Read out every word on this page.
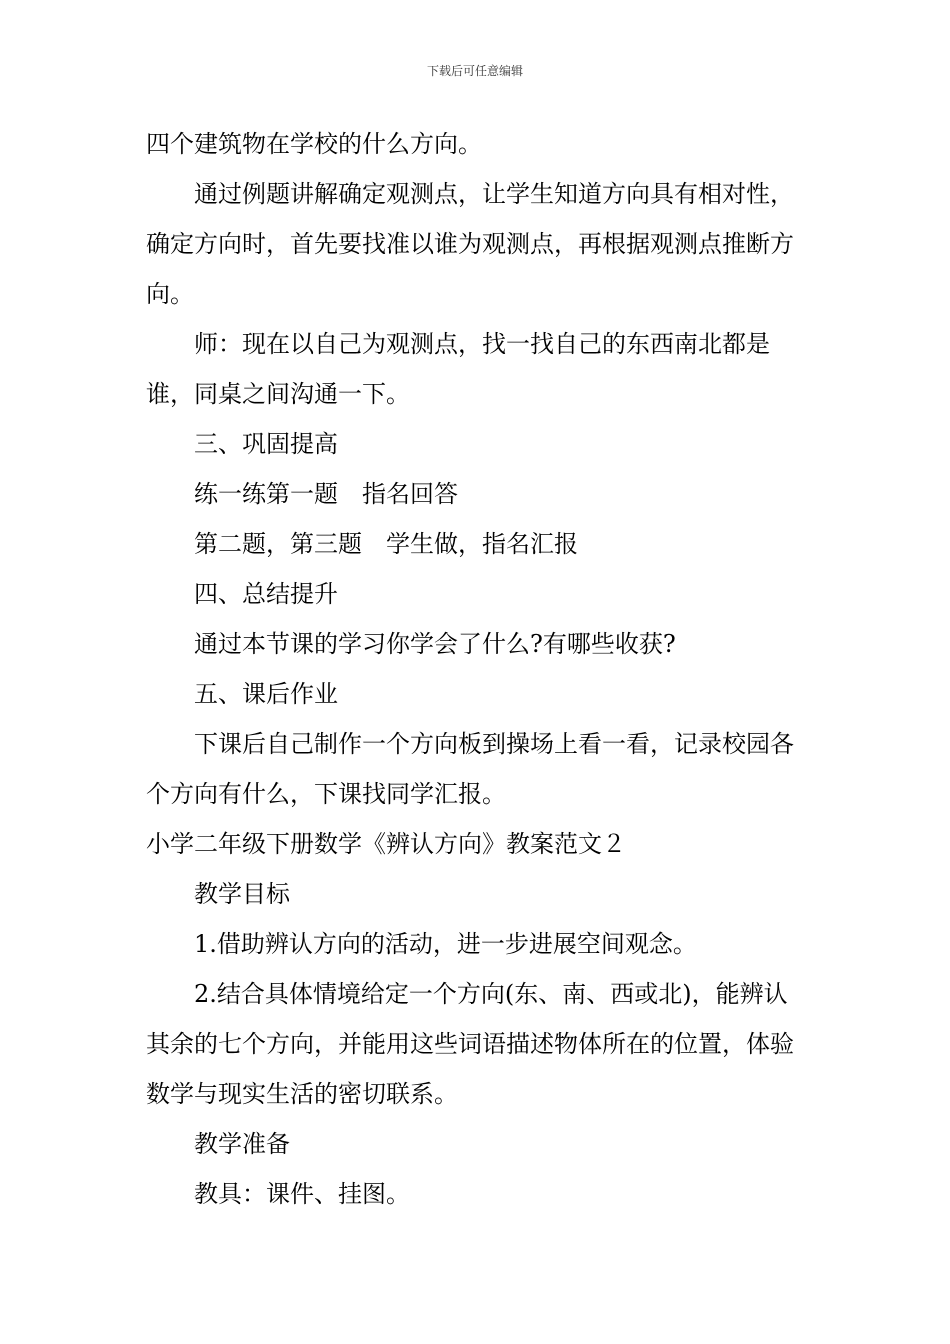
下载后可任意编辑

四个建筑物在学校的什么方向。

通过例题讲解确定观测点，让学生知道方向具有相对性，确定方向时，首先要找准以谁为观测点，再根据观测点推断方向。

师：现在以自己为观测点，找一找自己的东西南北都是谁，同桌之间沟通一下。

三、巩固提高

练一练第一题　指名回答

第二题，第三题　学生做，指名汇报

四、总结提升

通过本节课的学习你学会了什么?有哪些收获?

五、课后作业

下课后自己制作一个方向板到操场上看一看，记录校园各个方向有什么，下课找同学汇报。

小学二年级下册数学《辨认方向》教案范文２

教学目标

1.借助辨认方向的活动，进一步进展空间观念。

2.结合具体情境给定一个方向(东、南、西或北)，能辨认其余的七个方向，并能用这些词语描述物体所在的位置，体验数学与现实生活的密切联系。

教学准备

教具：课件、挂图。
